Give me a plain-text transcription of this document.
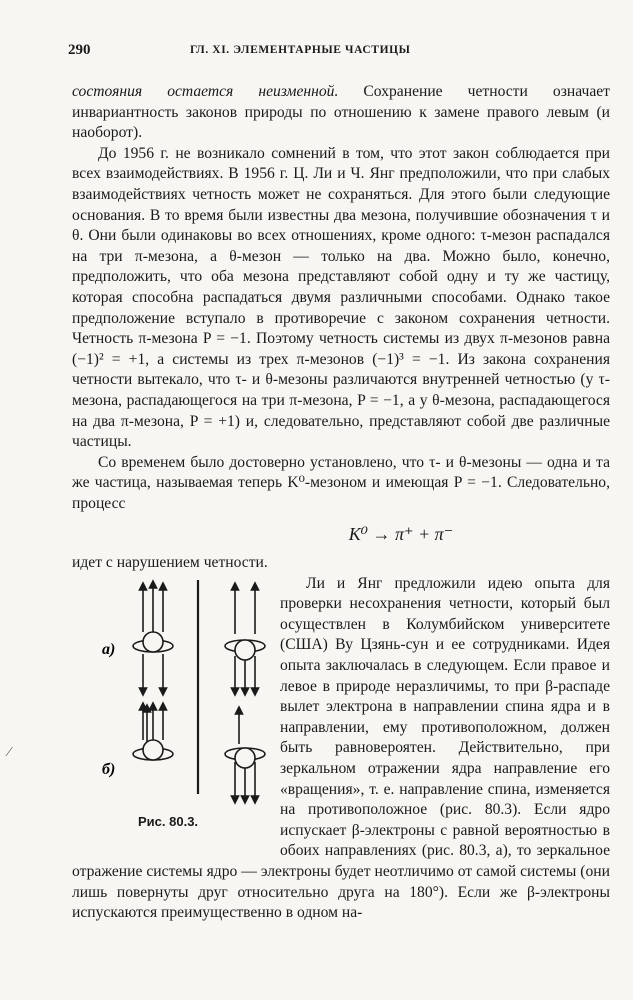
290	ГЛ. XI. ЭЛЕМЕНТАРНЫЕ ЧАСТИЦЫ
⁄

состояния остается неизменной. Сохранение четности означает инвариантность законов природы по отношению к замене правого левым (и наоборот).

До 1956 г. не возникало сомнений в том, что этот закон соблюдается при всех взаимодействиях. В 1956 г. Ц. Ли и Ч. Янг предположили, что при слабых взаимодействиях четность может не сохраняться. Для этого были следующие основания. В то время были известны два мезона, получившие обозначения τ и θ. Они были одинаковы во всех отношениях, кроме одного: τ-мезон распадался на три π-мезона, а θ-мезон — только на два. Можно было, конечно, предположить, что оба мезона представляют собой одну и ту же частицу, которая способна распадаться двумя различными способами. Однако такое предположение вступало в противоречие с законом сохранения четности. Четность π-мезона P = −1. Поэтому четность системы из двух π-мезонов равна (−1)² = +1, а системы из трех π-мезонов (−1)³ = −1. Из закона сохранения четности вытекало, что τ- и θ-мезоны различаются внутренней четностью (у τ-мезона, распадающегося на три π-мезона, P = −1, а у θ-мезона, распадающегося на два π-мезона, P = +1) и, следовательно, представляют собой две различные частицы.

Со временем было достоверно установлено, что τ- и θ-мезоны — одна и та же частица, называемая теперь K⁰-мезоном и имеющая P = −1. Следовательно, процесс

K⁰ → π⁺ + π⁻

идет с нарушением четности.

а)
б)
Рис. 80.3.
Ли и Янг предложили идею опыта для проверки несохранения четности, который был осуществлен в Колумбийском университете (США) Ву Цзянь-сун и ее сотрудниками. Идея опыта заключалась в следующем. Если правое и левое в природе неразличимы, то при β-распаде вылет электрона в направлении спина ядра и в направлении, ему противоположном, должен быть равновероятен. Действительно, при зеркальном отражении ядра направление его «вращения», т. е. направление спина, изменяется на противоположное (рис. 80.3). Если ядро испускает β-электроны с равной вероятностью в обоих направлениях (рис. 80.3, а), то зеркальное отражение системы ядро — электроны будет неотличимо от самой системы (они лишь повернуты друг относительно друга на 180°). Если же β-электроны испускаются преимущественно в одном на-
